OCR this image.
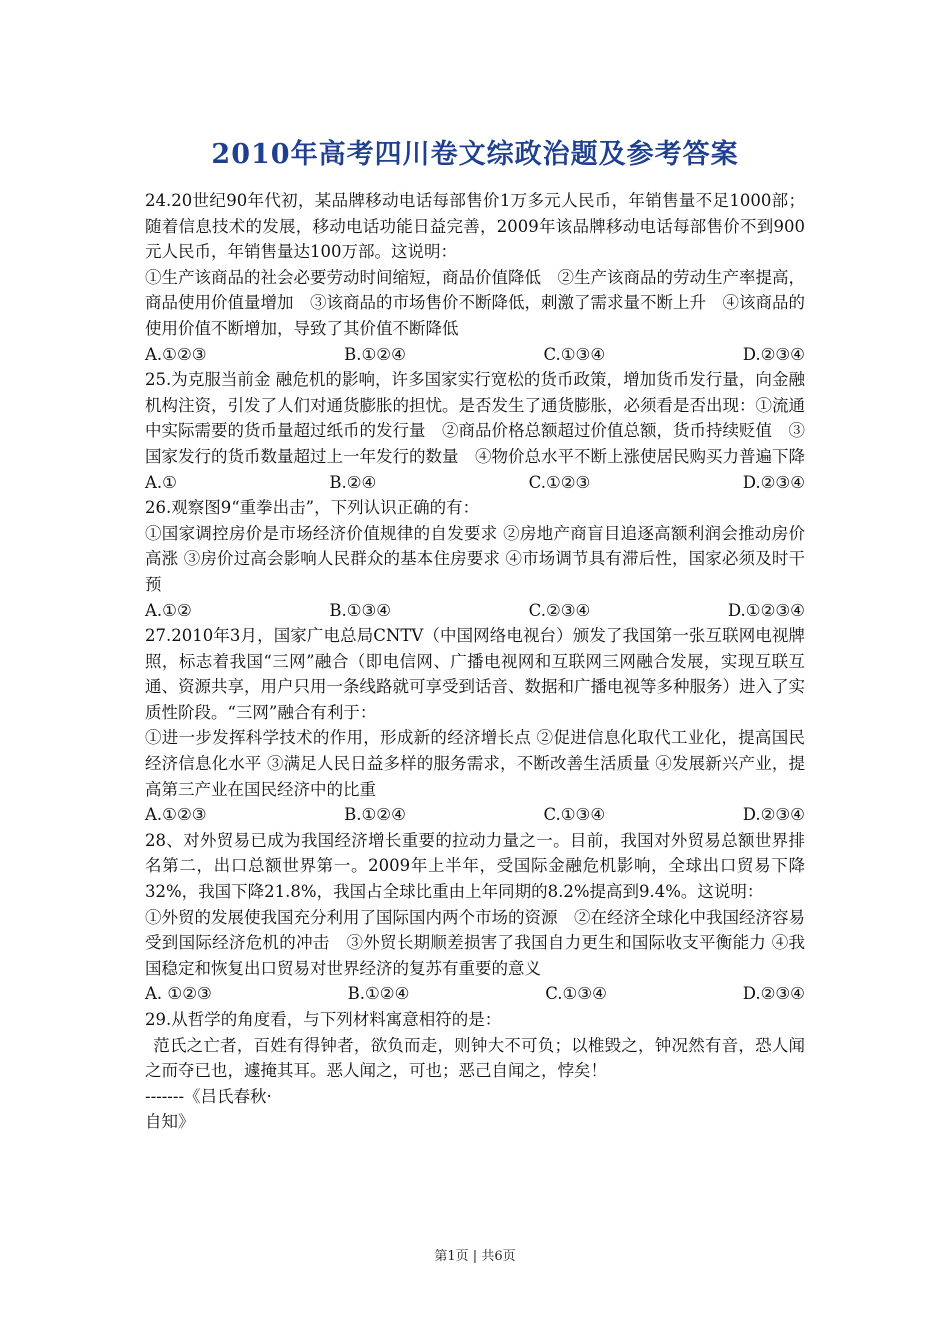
2010年高考四川卷文综政治题及参考答案

24.20世纪90年代初，某品牌移动电话每部售价1万多元人民币，年销售量不足1000部；随着信息技术的发展，移动电话功能日益完善，2009年该品牌移动电话每部售价不到900元人民币，年销售量达100万部。这说明：

①生产该商品的社会必要劳动时间缩短，商品价值降低　②生产该商品的劳动生产率提高，商品使用价值量增加　③该商品的市场售价不断降低，刺激了需求量不断上升　④该商品的使用价值不断增加，导致了其价值不断降低

A.①②③	B.①②④	C.①③④	D.②③④

25.为克服当前金 融危机的影响，许多国家实行宽松的货币政策，增加货币发行量，向金融机构注资，引发了人们对通货膨胀的担忧。是否发生了通货膨胀，必须看是否出现：①流通中实际需要的货币量超过纸币的发行量　②商品价格总额超过价值总额，货币持续贬值　③国家发行的货币数量超过上一年发行的数量　④物价总水平不断上涨使居民购买力普遍下降

A.①	B.②④	C.①②③	D.②③④

26.观察图9“重拳出击”，下列认识正确的有：

①国家调控房价是市场经济价值规律的自发要求 ②房地产商盲目追逐高额利润会推动房价高涨 ③房价过高会影响人民群众的基本住房要求 ④市场调节具有滞后性，国家必须及时干预

A.①②	B.①③④	C.②③④	D.①②③④

27.2010年3月，国家广电总局CNTV（中国网络电视台）颁发了我国第一张互联网电视牌照，标志着我国“三网”融合（即电信网、广播电视网和互联网三网融合发展，实现互联互通、资源共享，用户只用一条线路就可享受到话音、数据和广播电视等多种服务）进入了实质性阶段。“三网”融合有利于：

①进一步发挥科学技术的作用，形成新的经济增长点 ②促进信息化取代工业化，提高国民经济信息化水平 ③满足人民日益多样的服务需求，不断改善生活质量 ④发展新兴产业，提高第三产业在国民经济中的比重

A.①②③	B.①②④	C.①③④	D.②③④

28、对外贸易已成为我国经济增长重要的拉动力量之一。目前，我国对外贸易总额世界排名第二，出口总额世界第一。2009年上半年，受国际金融危机影响，全球出口贸易下降32%，我国下降21.8%，我国占全球比重由上年同期的8.2%提高到9.4%。这说明：

①外贸的发展使我国充分利用了国际国内两个市场的资源　②在经济全球化中我国经济容易受到国际经济危机的冲击　③外贸长期顺差损害了我国自力更生和国际收支平衡能力 ④我国稳定和恢复出口贸易对世界经济的复苏有重要的意义

A. ①②③	B.①②④	C.①③④	D.②③④

29.从哲学的角度看，与下列材料寓意相符的是：

范氏之亡者，百姓有得钟者，欲负而走，则钟大不可负；以椎毁之，钟况然有音，恐人闻之而夺已也，遽掩其耳。恶人闻之，可也；恶己自闻之，悖矣！

-------《吕氏春秋·

自知》

第1页 | 共6页
